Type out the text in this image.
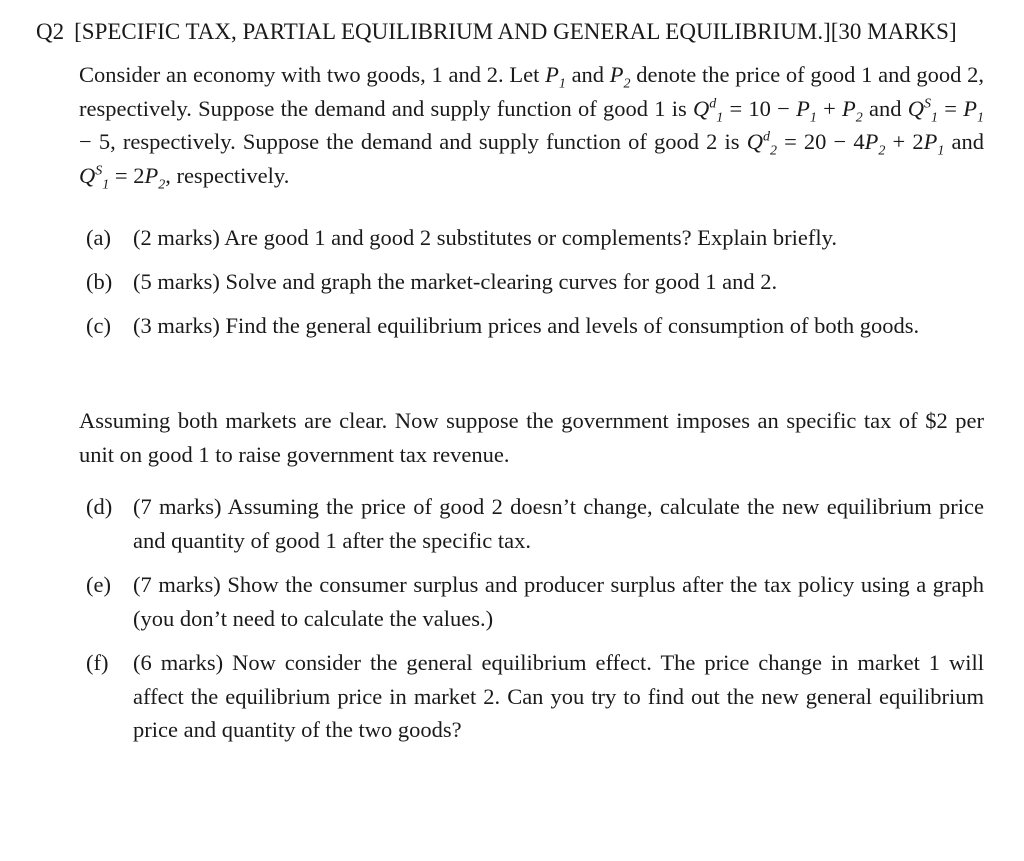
Q2 [SPECIFIC TAX, PARTIAL EQUILIBRIUM AND GENERAL EQUILIBRIUM.][30 MARKS]
Consider an economy with two goods, 1 and 2. Let $P_1$ and $P_2$ denote the price of good 1 and good 2, respectively. Suppose the demand and supply function of good 1 is $Q^d_1 = 10 - P_1 + P_2$ and $Q^S_1 = P_1 - 5$, respectively. Suppose the demand and supply function of good 2 is $Q^d_2 = 20 - 4P_2 + 2P_1$ and $Q^S_1 = 2P_2$, respectively.
(a) (2 marks) Are good 1 and good 2 substitutes or complements? Explain briefly.
(b) (5 marks) Solve and graph the market-clearing curves for good 1 and 2.
(c) (3 marks) Find the general equilibrium prices and levels of consumption of both goods.
Assuming both markets are clear. Now suppose the government imposes an specific tax of $2 per unit on good 1 to raise government tax revenue.
(d) (7 marks) Assuming the price of good 2 doesn’t change, calculate the new equilibrium price and quantity of good 1 after the specific tax.
(e) (7 marks) Show the consumer surplus and producer surplus after the tax policy using a graph (you don’t need to calculate the values.)
(f) (6 marks) Now consider the general equilibrium effect. The price change in market 1 will affect the equilibrium price in market 2. Can you try to find out the new general equilibrium price and quantity of the two goods?
